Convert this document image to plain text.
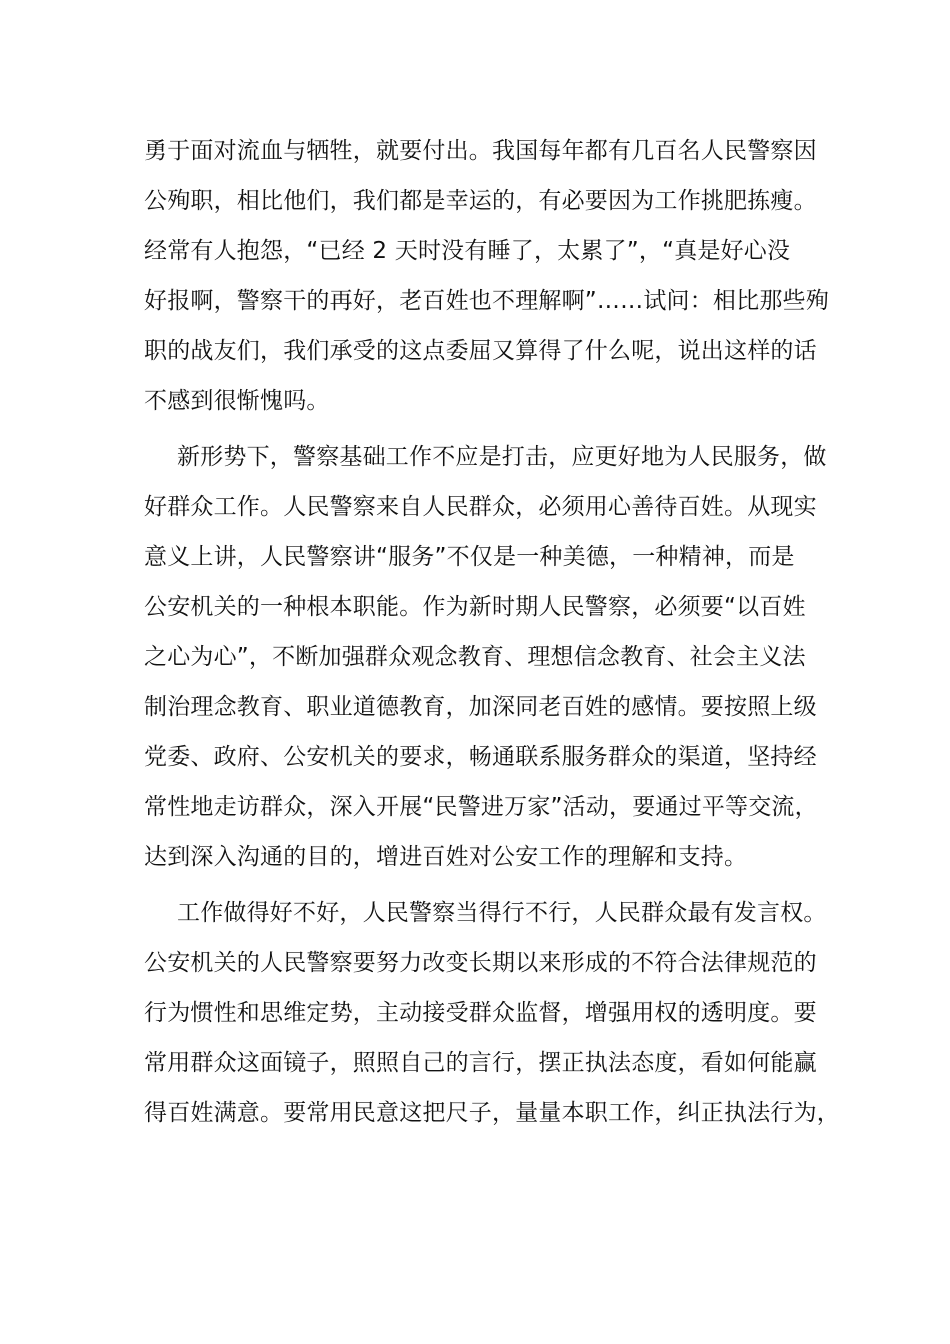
勇于面对流血与牺牲，就要付出。我国每年都有几百名人民警察因
公殉职，相比他们，我们都是幸运的，有必要因为工作挑肥拣瘦。
经常有人抱怨，“已经 2 天时没有睡了，太累了”，“真是好心没
好报啊，警察干的再好，老百姓也不理解啊”……试问：相比那些殉
职的战友们，我们承受的这点委屈又算得了什么呢，说出这样的话
不感到很惭愧吗。
新形势下，警察基础工作不应是打击，应更好地为人民服务，做
好群众工作。人民警察来自人民群众，必须用心善待百姓。从现实
意义上讲，人民警察讲“服务”不仅是一种美德，一种精神，而是
公安机关的一种根本职能。作为新时期人民警察，必须要“以百姓
之心为心”，不断加强群众观念教育、理想信念教育、社会主义法
制治理念教育、职业道德教育，加深同老百姓的感情。要按照上级
党委、政府、公安机关的要求，畅通联系服务群众的渠道，坚持经
常性地走访群众，深入开展“民警进万家”活动，要通过平等交流，
达到深入沟通的目的，增进百姓对公安工作的理解和支持。
工作做得好不好，人民警察当得行不行，人民群众最有发言权。
公安机关的人民警察要努力改变长期以来形成的不符合法律规范的
行为惯性和思维定势，主动接受群众监督，增强用权的透明度。要
常用群众这面镜子，照照自己的言行，摆正执法态度，看如何能赢
得百姓满意。要常用民意这把尺子，量量本职工作，纠正执法行为，
